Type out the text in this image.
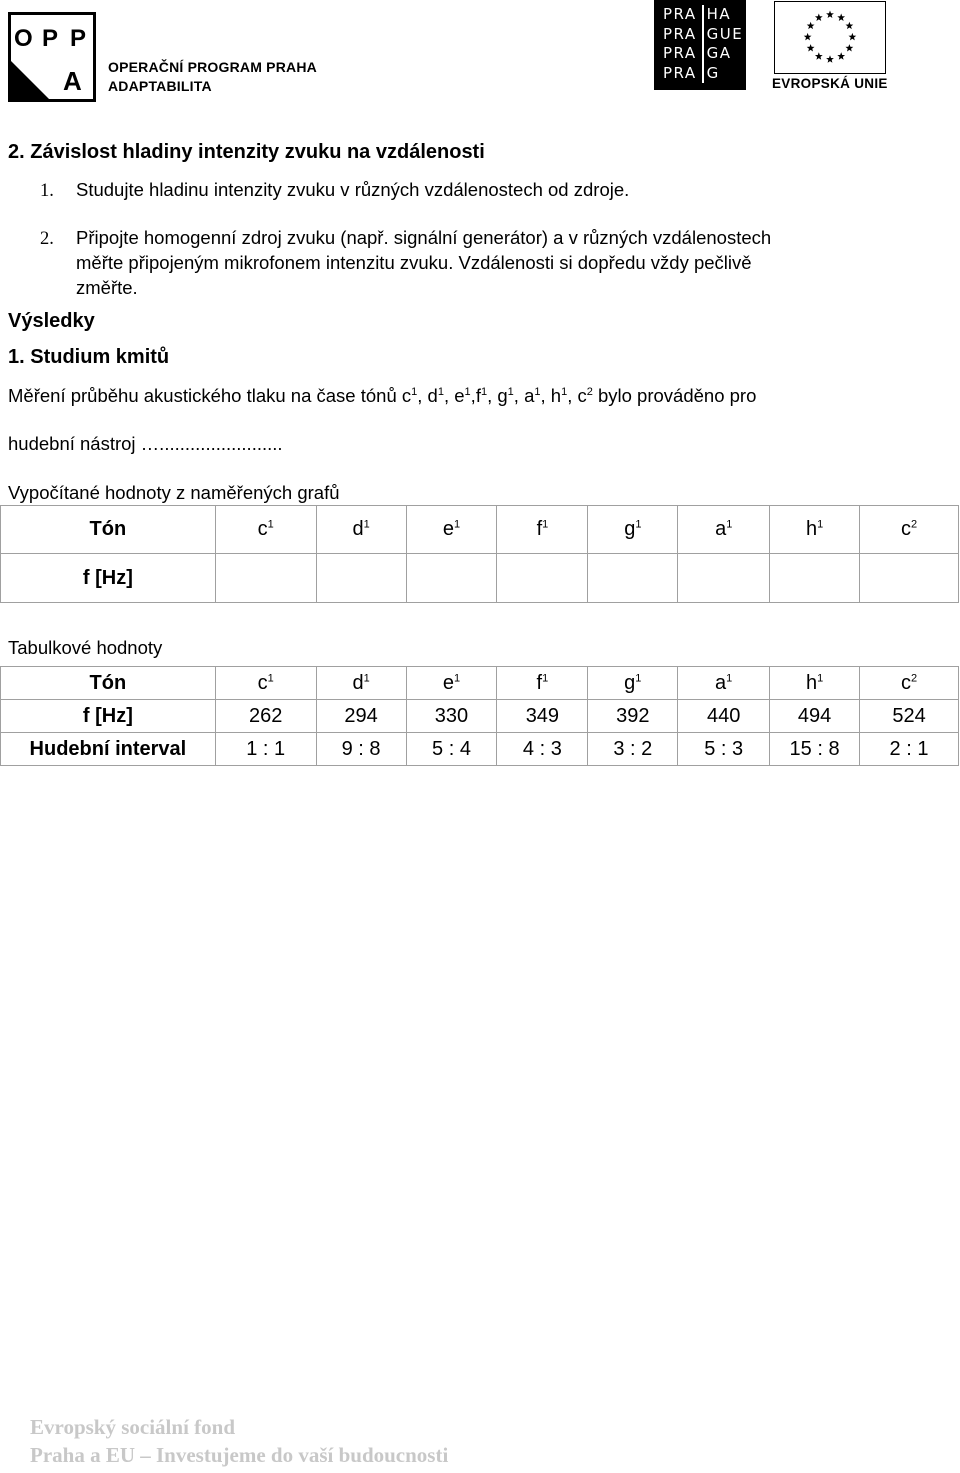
O P P
A OPERAČNÍ PROGRAM PRAHA
ADAPTABILITA
PRA	HA
PRA	GUE
PRA	GA
PRA	G
EVROPSKÁ UNIE
2. Závislost hladiny intenzity zvuku na vzdálenosti
1. Studujte hladinu intenzity zvuku v různých vzdálenostech od zdroje.
2. Připojte homogenní zdroj zvuku (např. signální generátor) a v různých vzdálenostech
měřte připojeným mikrofonem intenzitu zvuku. Vzdálenosti si dopředu vždy pečlivě
změřte.
Výsledky
1. Studium kmitů
Měření průběhu akustického tlaku na čase tónů $c^1$, $d^1$, $e^1,f^1$, $g^1$, $a^1$, $h^1$, $c^2$ bylo prováděno pro
hudební nástroj …........................
Vypočítané hodnoty z naměřených grafů
Tón	$c^1$	$d^1$	$e^1$	$f^1$	$g^1$	$a^1$	$h^1$	$c^2$
f [Hz]								
Tabulkové hodnoty
Tón	$c^1$	$d^1$	$e^1$	$f^1$	$g^1$	$a^1$	$h^1$	$c^2$
f [Hz]	262	294	330	349	392	440	494	524
Hudební interval	1 : 1	9 : 8	5 : 4	4 : 3	3 : 2	5 : 3	15 : 8	2 : 1
Evropský sociální fond
Praha a EU – Investujeme do vaší budoucnosti
